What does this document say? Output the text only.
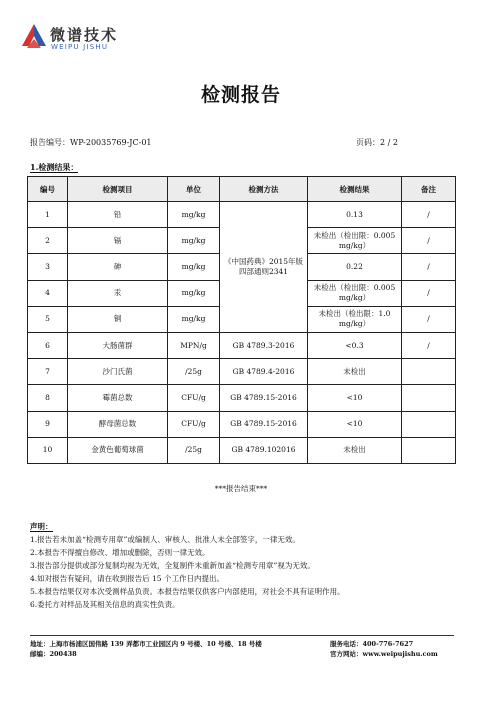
微谱技术
WEIPU JISHU
检测报告
报告编号：WP-20035769-JC-01	页码：2 / 2
1.检测结果：
编号	检测项目	单位	检测方法	检测结果	备注
1	铅	mg/kg	《中国药典》2015年版四部通则2341	0.13	/
2	镉	mg/kg		未检出（检出限：0.005 mg/kg）	/
3	砷	mg/kg		0.22	/
4	汞	mg/kg		未检出（检出限：0.005 mg/kg）	/
5	铜	mg/kg		未检出（检出限：1.0 mg/kg）	/
6	大肠菌群	MPN/g	GB 4789.3-2016	<0.3	/
7	沙门氏菌	/25g	GB 4789.4-2016	未检出	
8	霉菌总数	CFU/g	GB 4789.15-2016	<10	
9	酵母菌总数	CFU/g	GB 4789.15-2016	<10	
10	金黄色葡萄球菌	/25g	GB 4789.102016	未检出	
***报告结束***
声明：
1.报告若未加盖“检测专用章”或编制人、审核人、批准人未全部签字，一律无效。
2.本报告不得擅自修改、增加或删除，否则一律无效。
3.报告部分提供或部分复制均视为无效，全复制件未重新加盖“检测专用章”视为无效。
4.如对报告有疑问，请在收到报告后 15 个工作日内提出。
5.本报告结果仅对本次受测样品负责。本报告结果仅供客户内部使用，对社会不具有证明作用。
6.委托方对样品及其相关信息的真实性负责。
地址：上海市杨浦区国伟路 139 弄都市工业园区内 9 号楼、10 号楼、18 号楼
邮编：200438
服务电话：400-776-7627
官方网站：www.weipujishu.com
